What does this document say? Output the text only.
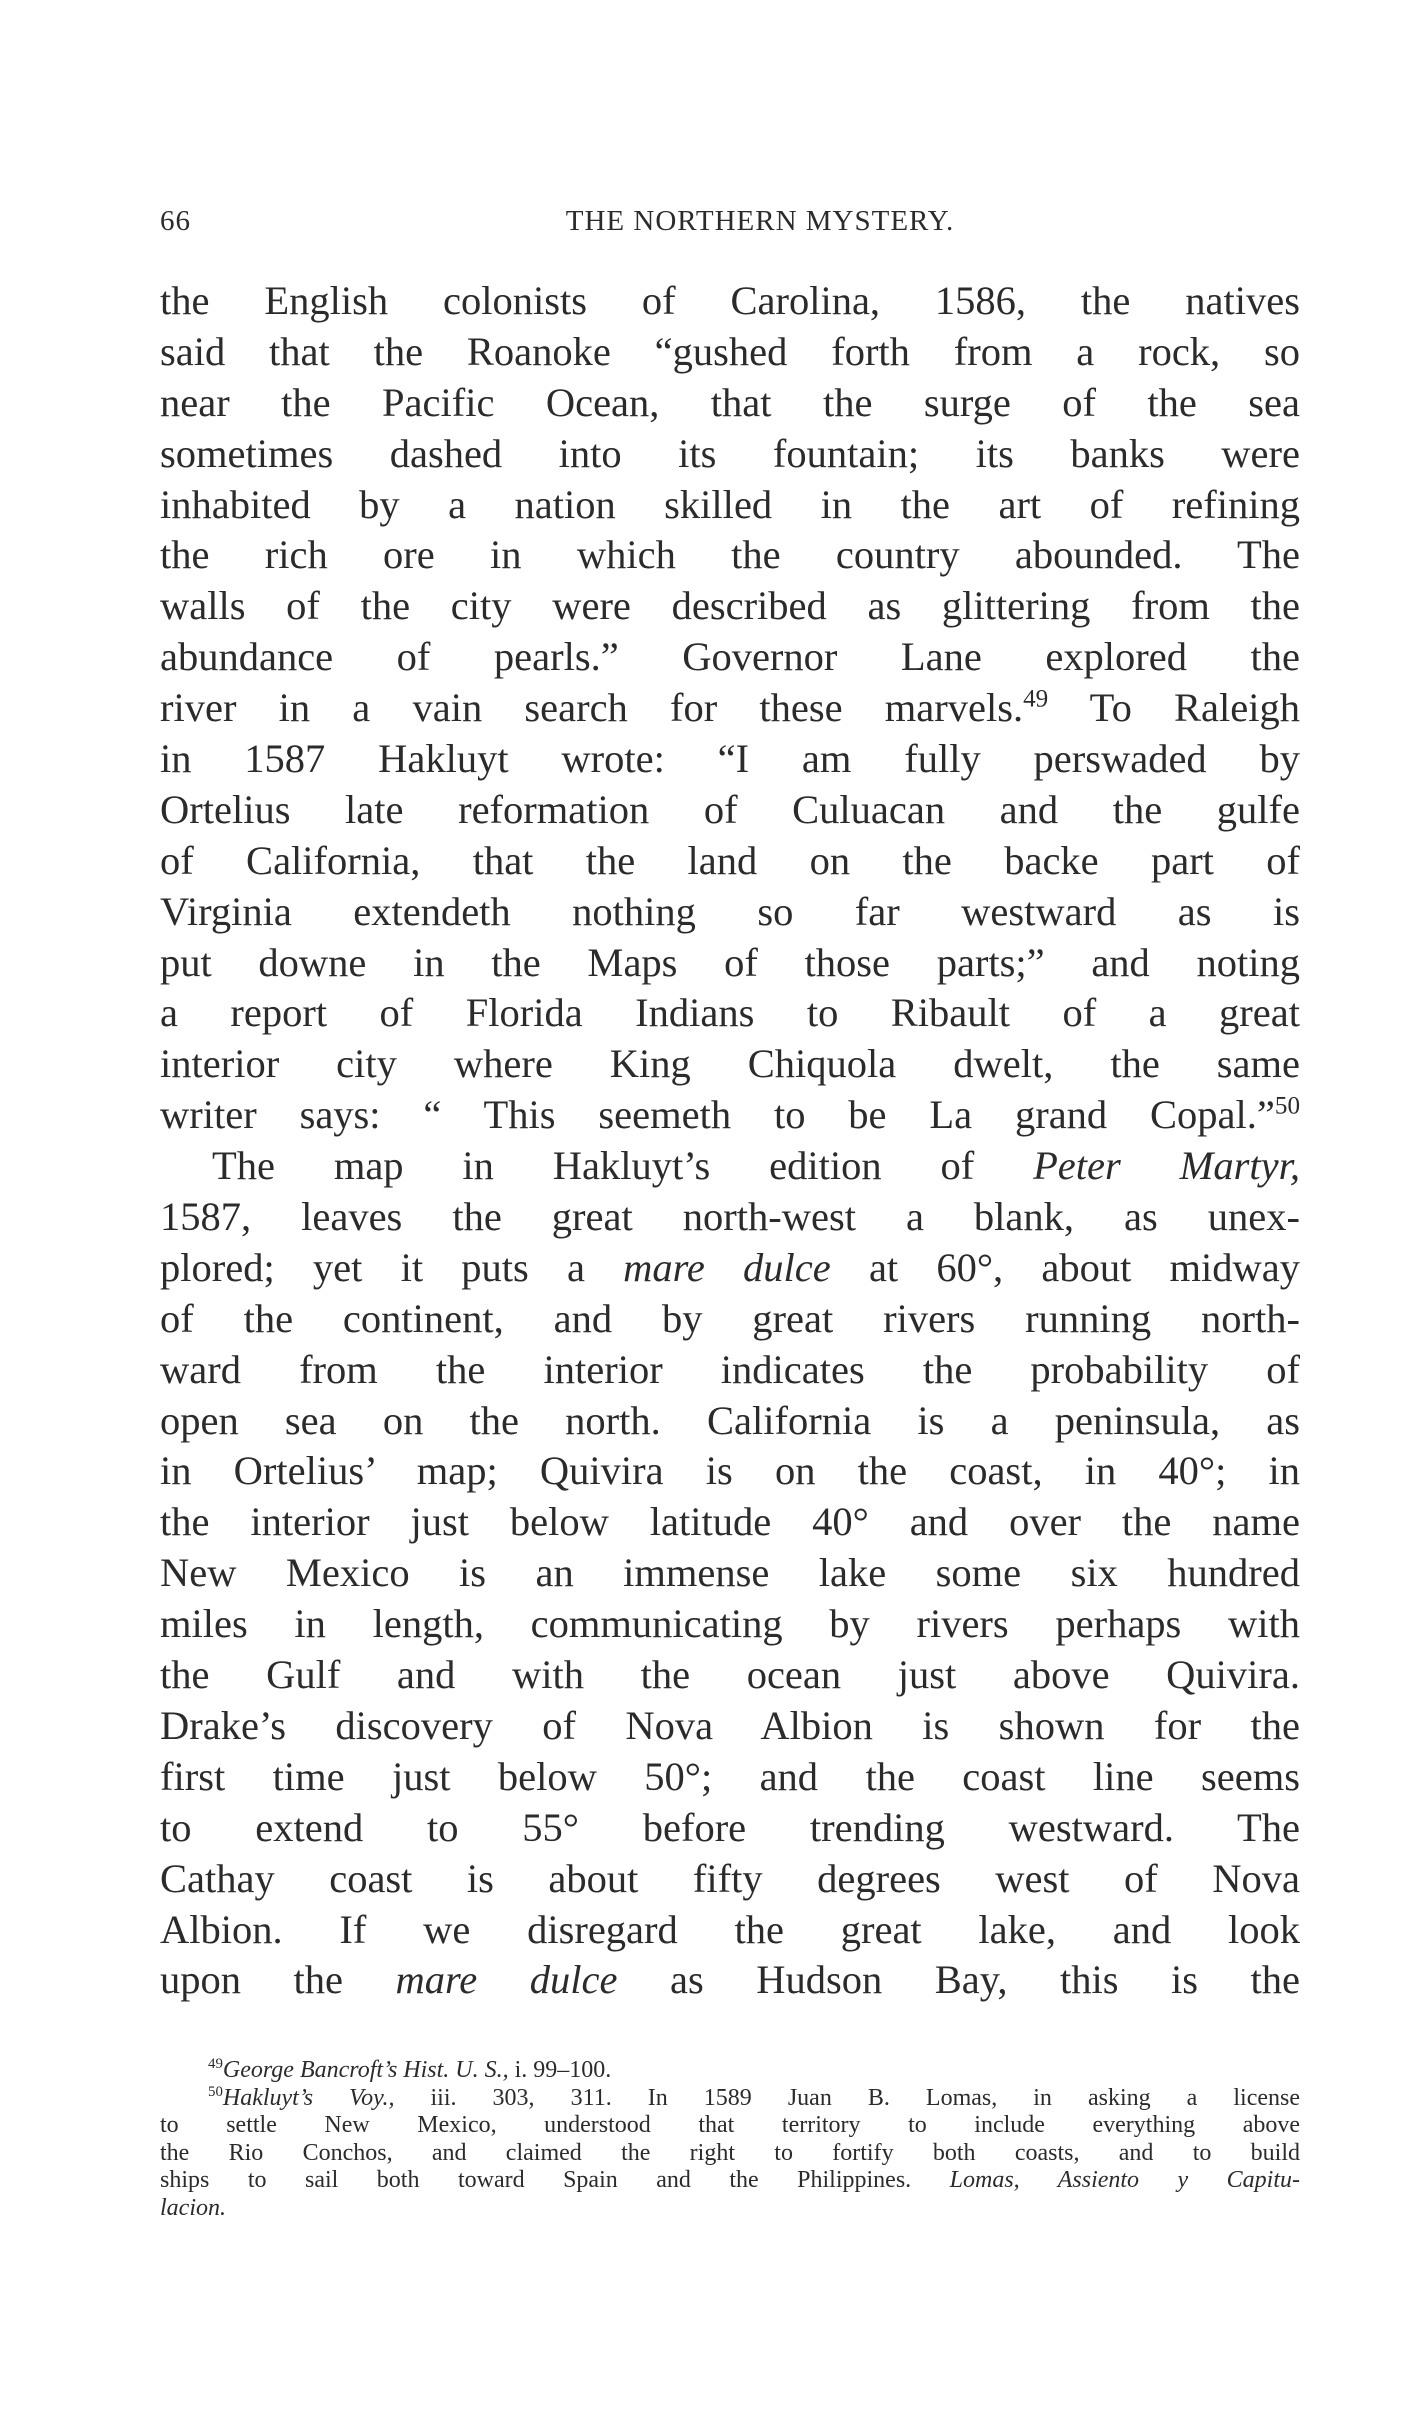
66	THE NORTHERN MYSTERY.
the English colonists of Carolina, 1586, the natives
said that the Roanoke “gushed forth from a rock, so
near the Pacific Ocean, that the surge of the sea
sometimes dashed into its fountain; its banks were
inhabited by a nation skilled in the art of refining
the rich ore in which the country abounded. The
walls of the city were described as glittering from the
abundance of pearls.” Governor Lane explored the
river in a vain search for these marvels.$^{49}$ To Raleigh
in 1587 Hakluyt wrote: “I am fully perswaded by
Ortelius late reformation of Culuacan and the gulfe
of California, that the land on the backe part of
Virginia extendeth nothing so far westward as is
put downe in the Maps of those parts;” and noting
a report of Florida Indians to Ribault of a great
interior city where King Chiquola dwelt, the same
writer says: “ This seemeth to be La grand Copal.”$^{50}$
The map in Hakluyt’s edition of Peter Martyr,
1587, leaves the great north-west a blank, as unex-
plored; yet it puts a mare dulce at 60°, about midway
of the continent, and by great rivers running north-
ward from the interior indicates the probability of
open sea on the north. California is a peninsula, as
in Ortelius’ map; Quivira is on the coast, in 40°; in
the interior just below latitude 40° and over the name
New Mexico is an immense lake some six hundred
miles in length, communicating by rivers perhaps with
the Gulf and with the ocean just above Quivira.
Drake’s discovery of Nova Albion is shown for the
first time just below 50°; and the coast line seems
to extend to 55° before trending westward. The
Cathay coast is about fifty degrees west of Nova
Albion. If we disregard the great lake, and look
upon the mare dulce as Hudson Bay, this is the
$^{49}$George Bancroft’s Hist. U. S., i. 99–100.
$^{50}$Hakluyt’s Voy., iii. 303, 311. In 1589 Juan B. Lomas, in asking a license
to settle New Mexico, understood that territory to include everything above
the Rio Conchos, and claimed the right to fortify both coasts, and to build
ships to sail both toward Spain and the Philippines. Lomas, Assiento y Capitu-
lacion.
